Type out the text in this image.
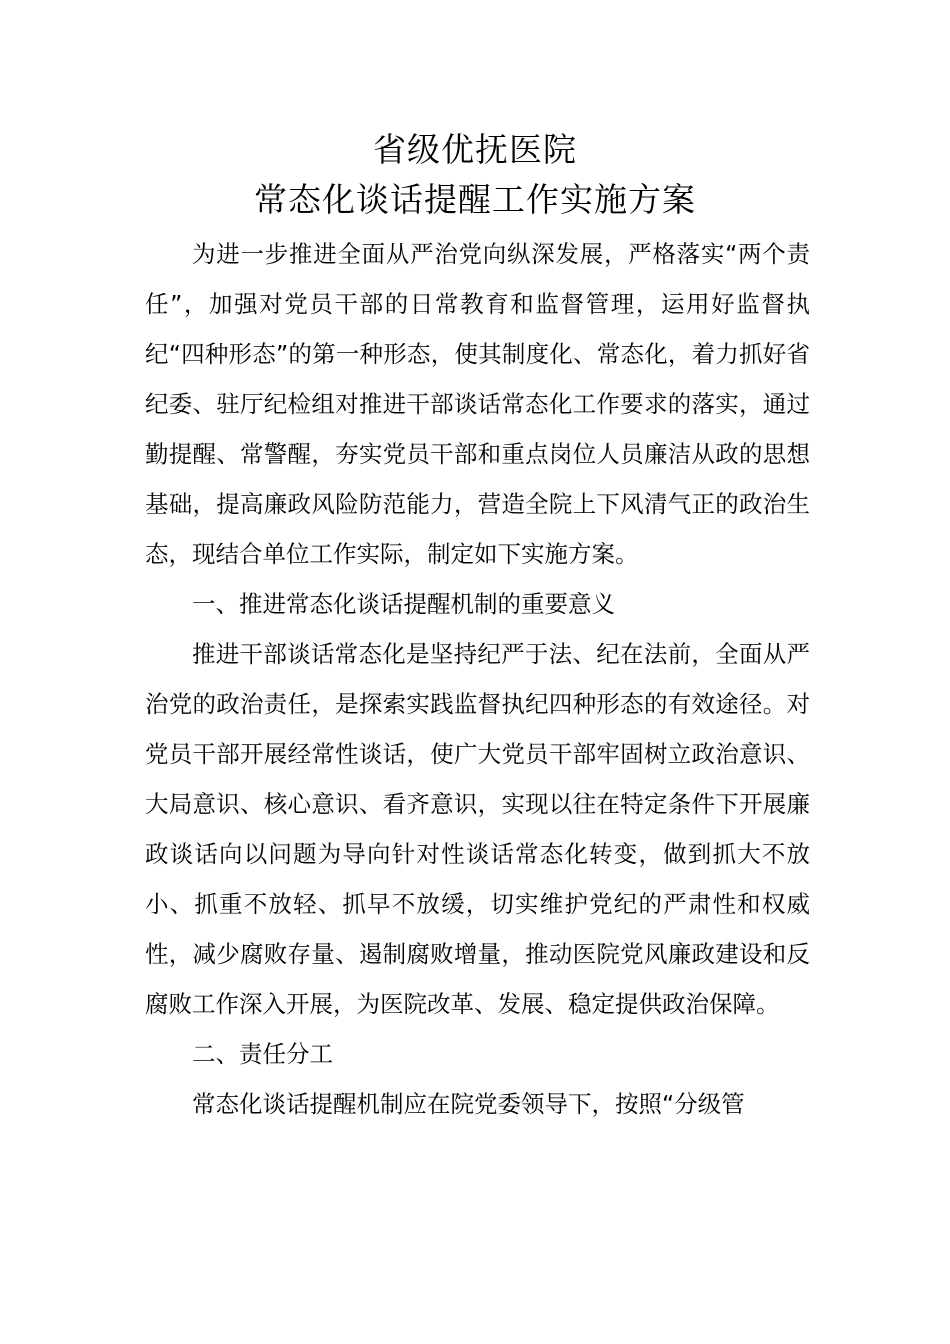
省级优抚医院
常态化谈话提醒工作实施方案

为进一步推进全面从严治党向纵深发展，严格落实“两个责任”，加强对党员干部的日常教育和监督管理，运用好监督执纪“四种形态”的第一种形态，使其制度化、常态化，着力抓好省纪委、驻厅纪检组对推进干部谈话常态化工作要求的落实，通过勤提醒、常警醒，夯实党员干部和重点岗位人员廉洁从政的思想基础，提高廉政风险防范能力，营造全院上下风清气正的政治生态，现结合单位工作实际，制定如下实施方案。

一、推进常态化谈话提醒机制的重要意义

推进干部谈话常态化是坚持纪严于法、纪在法前，全面从严治党的政治责任，是探索实践监督执纪四种形态的有效途径。对党员干部开展经常性谈话，使广大党员干部牢固树立政治意识、大局意识、核心意识、看齐意识，实现以往在特定条件下开展廉政谈话向以问题为导向针对性谈话常态化转变，做到抓大不放小、抓重不放轻、抓早不放缓，切实维护党纪的严肃性和权威性，减少腐败存量、遏制腐败增量，推动医院党风廉政建设和反腐败工作深入开展，为医院改革、发展、稳定提供政治保障。

二、责任分工

常态化谈话提醒机制应在院党委领导下，按照“分级管
